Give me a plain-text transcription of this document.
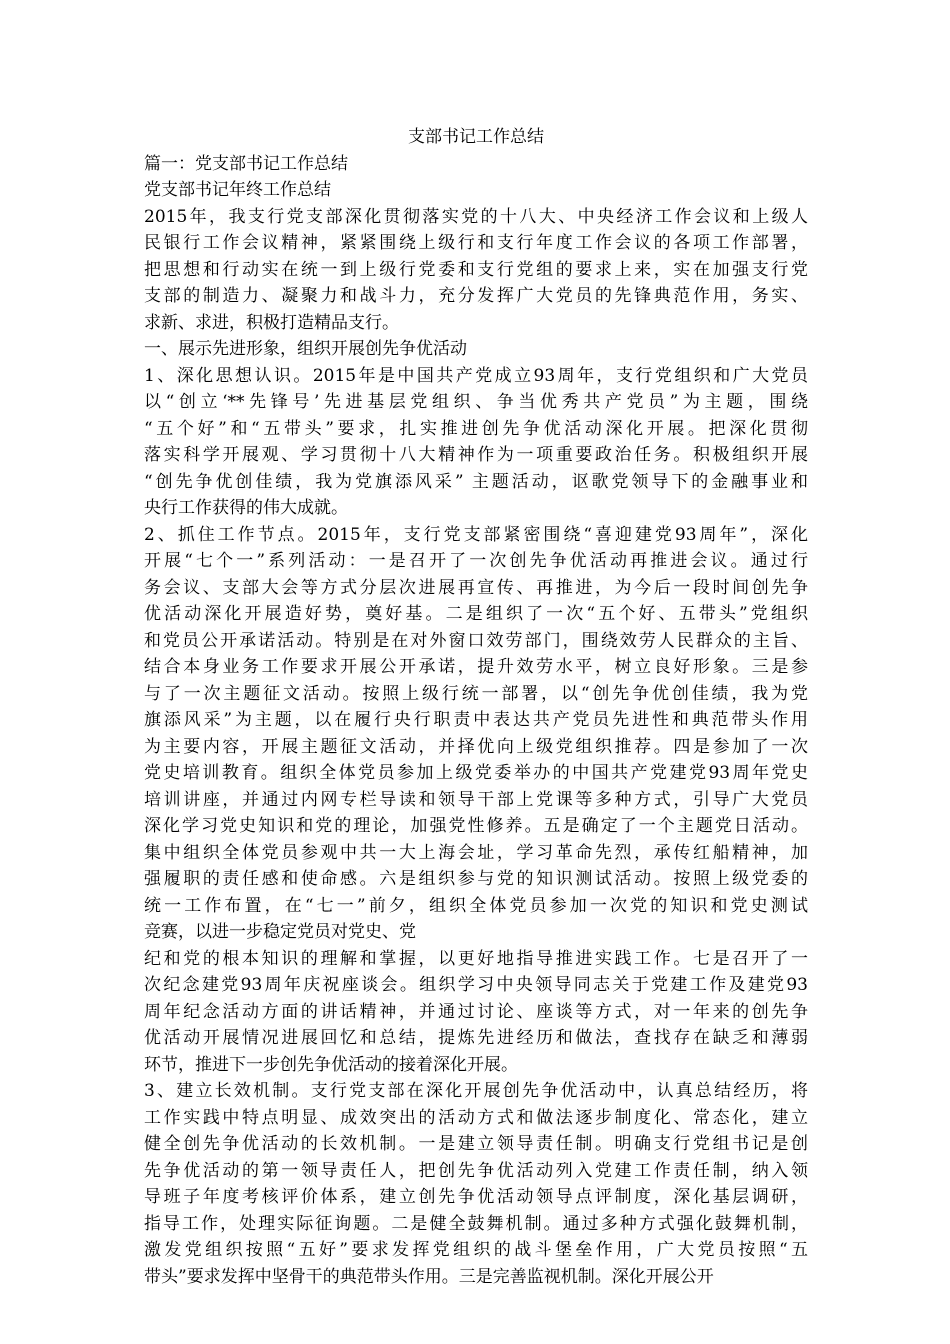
支部书记工作总结
篇一：党支部书记工作总结
党支部书记年终工作总结
2015年，我支行党支部深化贯彻落实党的十八大、中央经济工作会议和上级人
民银行工作会议精神，紧紧围绕上级行和支行年度工作会议的各项工作部署，
把思想和行动实在统一到上级行党委和支行党组的要求上来，实在加强支行党
支部的制造力、凝聚力和战斗力，充分发挥广大党员的先锋典范作用，务实、
求新、求进，积极打造精品支行。
一、展示先进形象，组织开展创先争优活动
1、深化思想认识。2015年是中国共产党成立93周年，支行党组织和广大党员
以“创立‘**先锋号’先进基层党组织、争当优秀共产党员”为主题，围绕
“五个好”和“五带头”要求，扎实推进创先争优活动深化开展。把深化贯彻
落实科学开展观、学习贯彻十八大精神作为一项重要政治任务。积极组织开展
“创先争优创佳绩，我为党旗添风采” 主题活动，讴歌党领导下的金融事业和
央行工作获得的伟大成就。
2、抓住工作节点。2015年，支行党支部紧密围绕“喜迎建党93周年”，深化
开展“七个一”系列活动：一是召开了一次创先争优活动再推进会议。通过行
务会议、支部大会等方式分层次进展再宣传、再推进，为今后一段时间创先争
优活动深化开展造好势，奠好基。二是组织了一次“五个好、五带头”党组织
和党员公开承诺活动。特别是在对外窗口效劳部门，围绕效劳人民群众的主旨、
结合本身业务工作要求开展公开承诺，提升效劳水平，树立良好形象。三是参
与了一次主题征文活动。按照上级行统一部署，以“创先争优创佳绩，我为党
旗添风采”为主题，以在履行央行职责中表达共产党员先进性和典范带头作用
为主要内容，开展主题征文活动，并择优向上级党组织推荐。四是参加了一次
党史培训教育。组织全体党员参加上级党委举办的中国共产党建党93周年党史
培训讲座，并通过内网专栏导读和领导干部上党课等多种方式，引导广大党员
深化学习党史知识和党的理论，加强党性修养。五是确定了一个主题党日活动。
集中组织全体党员参观中共一大上海会址，学习革命先烈，承传红船精神，加
强履职的责任感和使命感。六是组织参与党的知识测试活动。按照上级党委的
统一工作布置，在“七一”前夕，组织全体党员参加一次党的知识和党史测试
竞赛，以进一步稳定党员对党史、党
纪和党的根本知识的理解和掌握，以更好地指导推进实践工作。七是召开了一
次纪念建党93周年庆祝座谈会。组织学习中央领导同志关于党建工作及建党93
周年纪念活动方面的讲话精神，并通过讨论、座谈等方式，对一年来的创先争
优活动开展情况进展回忆和总结，提炼先进经历和做法，查找存在缺乏和薄弱
环节，推进下一步创先争优活动的接着深化开展。
3、建立长效机制。支行党支部在深化开展创先争优活动中，认真总结经历，将
工作实践中特点明显、成效突出的活动方式和做法逐步制度化、常态化，建立
健全创先争优活动的长效机制。一是建立领导责任制。明确支行党组书记是创
先争优活动的第一领导责任人，把创先争优活动列入党建工作责任制，纳入领
导班子年度考核评价体系，建立创先争优活动领导点评制度，深化基层调研，
指导工作，处理实际征询题。二是健全鼓舞机制。通过多种方式强化鼓舞机制，
激发党组织按照“五好”要求发挥党组织的战斗堡垒作用，广大党员按照“五
带头”要求发挥中坚骨干的典范带头作用。三是完善监视机制。深化开展公开
